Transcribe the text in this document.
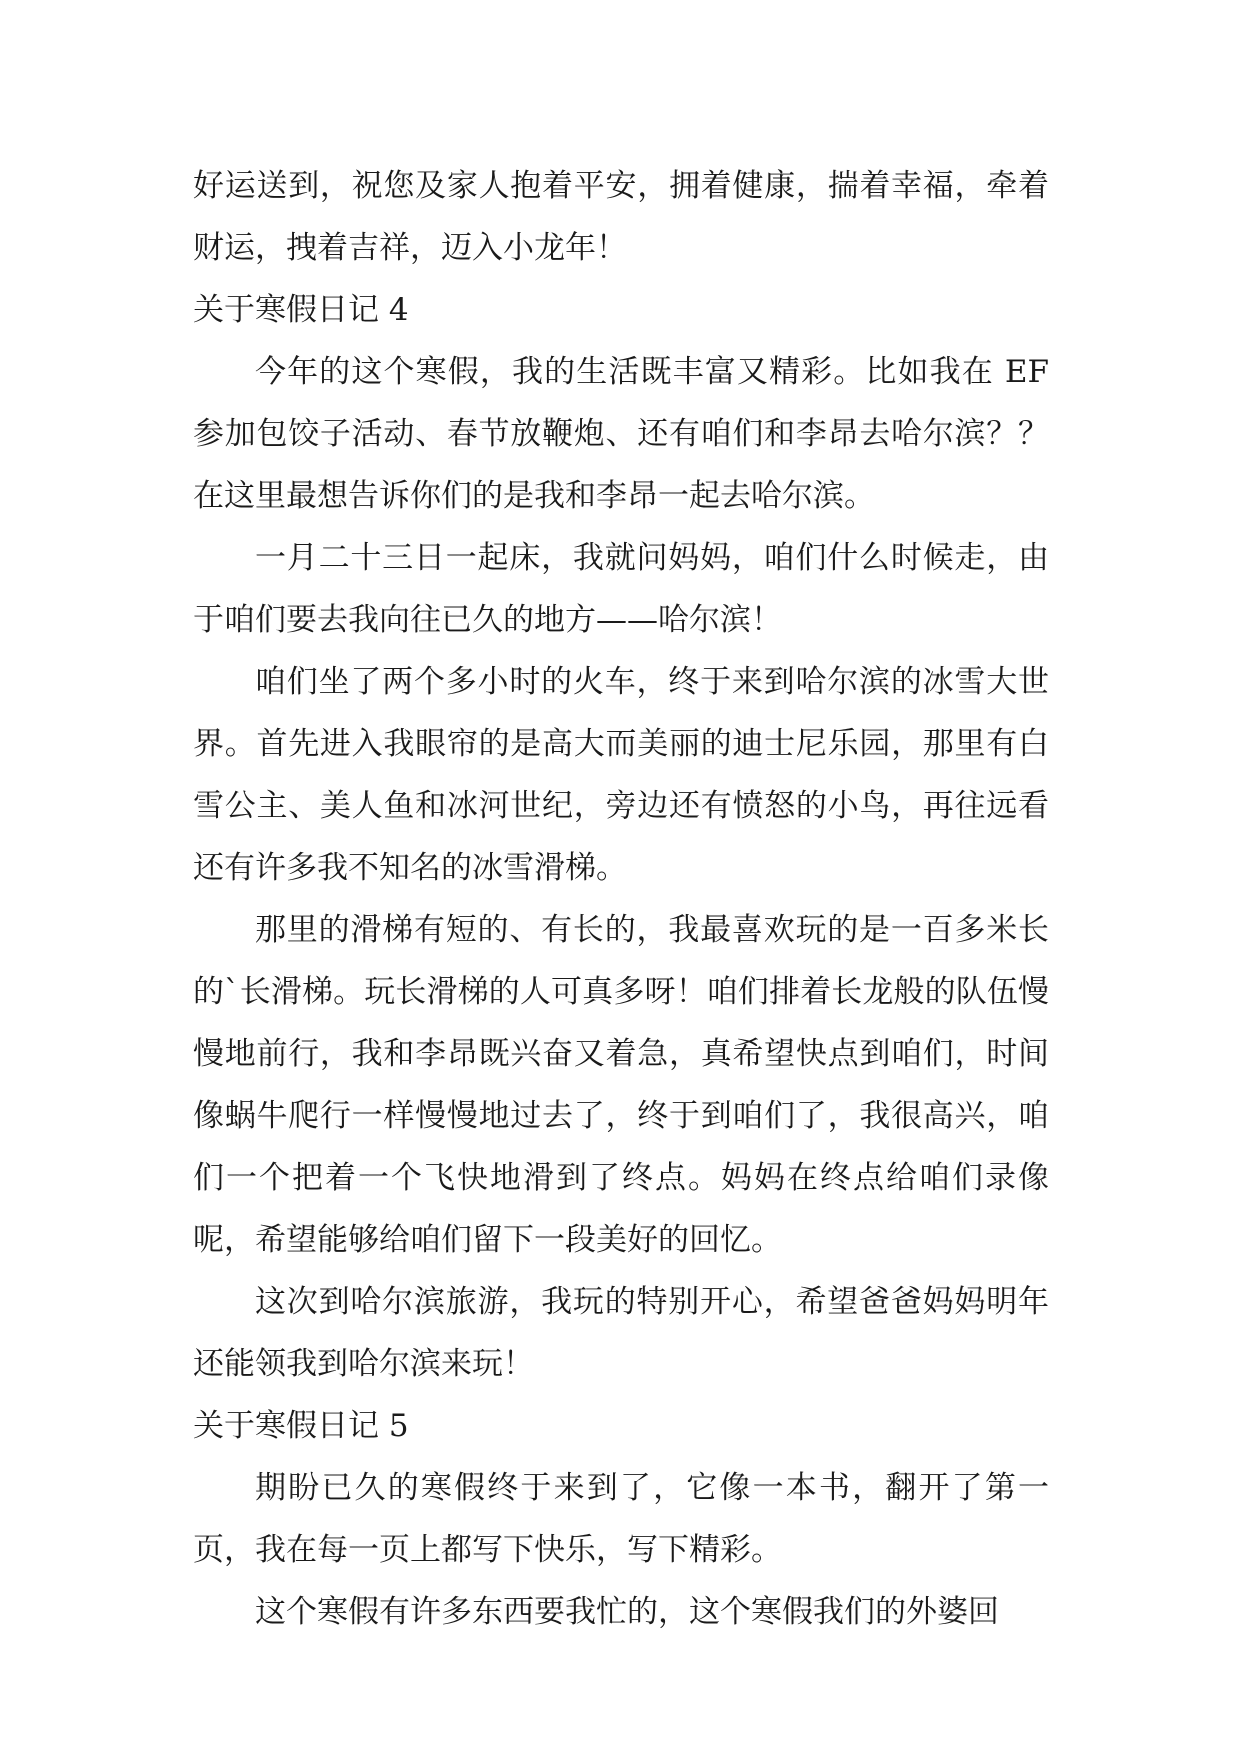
好运送到，祝您及家人抱着平安，拥着健康，揣着幸福，牵着财运，拽着吉祥，迈入小龙年！

关于寒假日记 4

今年的这个寒假，我的生活既丰富又精彩。比如我在 EF参加包饺子活动、春节放鞭炮、还有咱们和李昂去哈尔滨？？在这里最想告诉你们的是我和李昂一起去哈尔滨。

一月二十三日一起床，我就问妈妈，咱们什么时候走，由于咱们要去我向往已久的地方——哈尔滨！

咱们坐了两个多小时的火车，终于来到哈尔滨的冰雪大世界。首先进入我眼帘的是高大而美丽的迪士尼乐园，那里有白雪公主、美人鱼和冰河世纪，旁边还有愤怒的小鸟，再往远看还有许多我不知名的冰雪滑梯。

那里的滑梯有短的、有长的，我最喜欢玩的是一百多米长的`长滑梯。玩长滑梯的人可真多呀！咱们排着长龙般的队伍慢慢地前行，我和李昂既兴奋又着急，真希望快点到咱们，时间像蜗牛爬行一样慢慢地过去了，终于到咱们了，我很高兴，咱们一个把着一个飞快地滑到了终点。妈妈在终点给咱们录像呢，希望能够给咱们留下一段美好的回忆。

这次到哈尔滨旅游，我玩的特别开心，希望爸爸妈妈明年还能领我到哈尔滨来玩！

关于寒假日记 5

期盼已久的寒假终于来到了，它像一本书，翻开了第一页，我在每一页上都写下快乐，写下精彩。

这个寒假有许多东西要我忙的，这个寒假我们的外婆回
